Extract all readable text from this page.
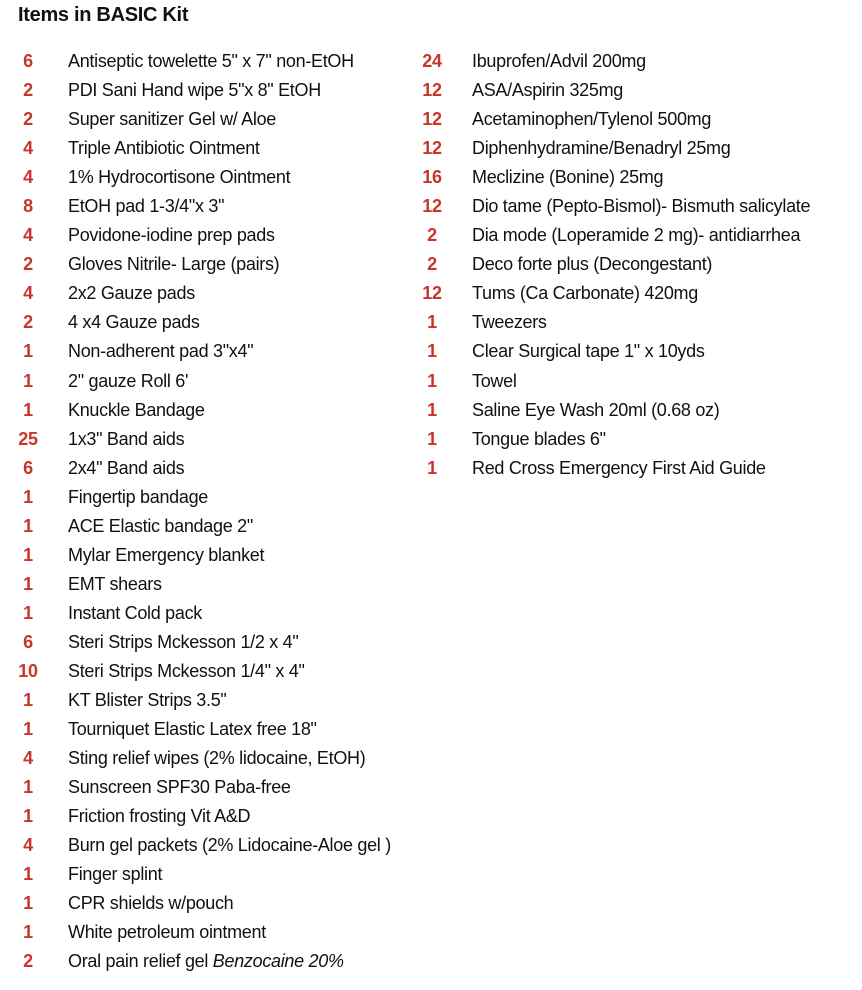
Items in BASIC Kit
6	Antiseptic towelette 5" x 7" non-EtOH
2	PDI Sani Hand wipe 5"x 8" EtOH
2	Super sanitizer Gel w/ Aloe
4	Triple Antibiotic Ointment
4	1% Hydrocortisone Ointment
8	EtOH pad 1-3/4"x 3"
4	Povidone-iodine prep pads
2	Gloves Nitrile- Large (pairs)
4	2x2 Gauze pads
2	4 x4 Gauze pads
1	Non-adherent pad 3"x4"
1	2" gauze Roll 6'
1	Knuckle Bandage
25	1x3" Band aids
6	2x4" Band aids
1	Fingertip bandage
1	ACE Elastic bandage 2"
1	Mylar Emergency blanket
1	EMT shears
1	Instant Cold pack
6	Steri Strips Mckesson 1/2 x 4"
10	Steri Strips Mckesson 1/4" x 4"
1	KT Blister Strips 3.5"
1	Tourniquet Elastic Latex free 18"
4	Sting relief wipes (2% lidocaine, EtOH)
1	Sunscreen SPF30 Paba-free
1	Friction frosting Vit A&D
4	Burn gel packets (2% Lidocaine-Aloe gel )
1	Finger splint
1	CPR shields w/pouch
1	White petroleum ointment
2	Oral pain relief gel Benzocaine 20%
24	Ibuprofen/Advil 200mg
12	ASA/Aspirin 325mg
12	Acetaminophen/Tylenol 500mg
12	Diphenhydramine/Benadryl 25mg
16	Meclizine (Bonine) 25mg
12	Dio tame (Pepto-Bismol)- Bismuth salicylate
2	Dia mode (Loperamide 2 mg)- antidiarrhea
2	Deco forte plus (Decongestant)
12	Tums (Ca Carbonate) 420mg
1	Tweezers
1	Clear Surgical tape 1" x 10yds
1	Towel
1	Saline Eye Wash 20ml (0.68 oz)
1	Tongue blades 6"
1	Red Cross Emergency First Aid Guide
